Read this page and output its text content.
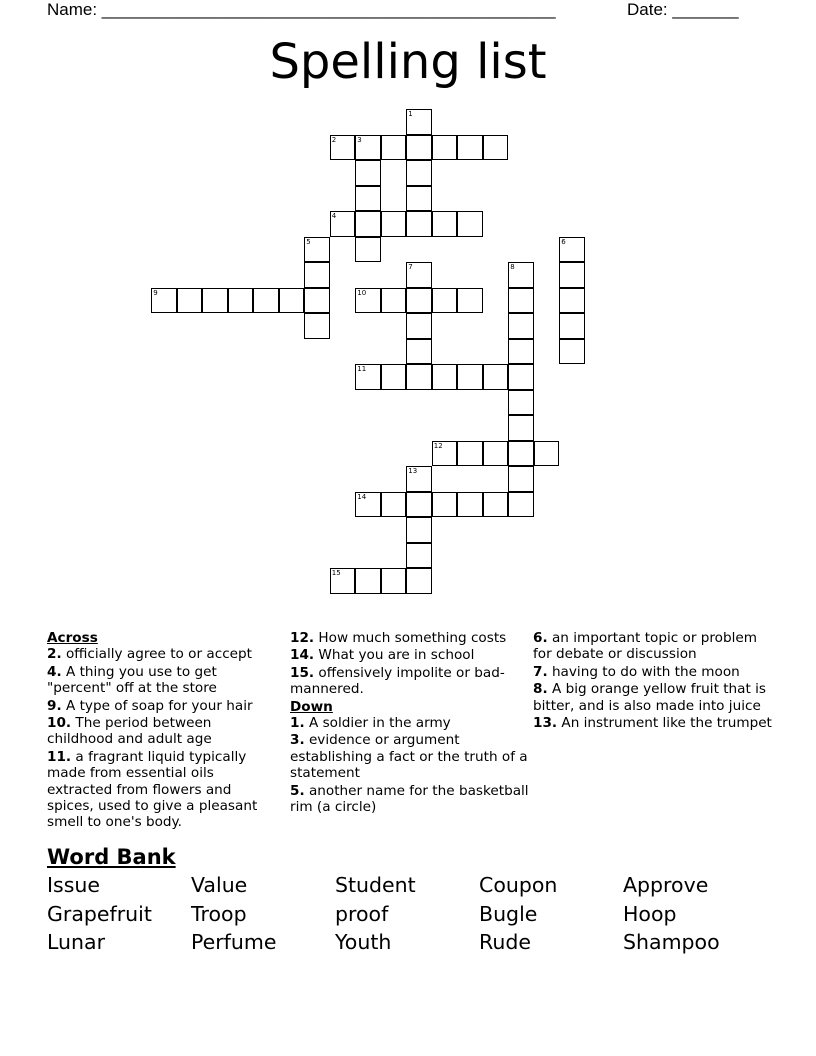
Name: ________________________________________________	Date: _______
Spelling list
1
2	3
4
5	6
7	8
9	10
11
12
13
14
15

Across

2. officially agree to or accept

4. A thing you use to get "percent" off at the store

9. A type of soap for your hair

10. The period between childhood and adult age

11. a fragrant liquid typically made from essential oils extracted from flowers and spices, used to give a pleasant smell to one's body.

12. How much something costs

14. What you are in school

15. offensively impolite or bad-mannered.

Down

1. A soldier in the army

3. evidence or argument establishing a fact or the truth of a statement

5. another name for the basketball rim (a circle)

6. an important topic or problem for debate or discussion

7. having to do with the moon

8. A big orange yellow fruit that is bitter, and is also made into juice

13. An instrument like the trumpet

Word Bank
Issue	Value	Student	Coupon	Approve
Grapefruit Troop	proof	Bugle	Hoop
Lunar	Perfume	Youth	Rude	Shampoo
